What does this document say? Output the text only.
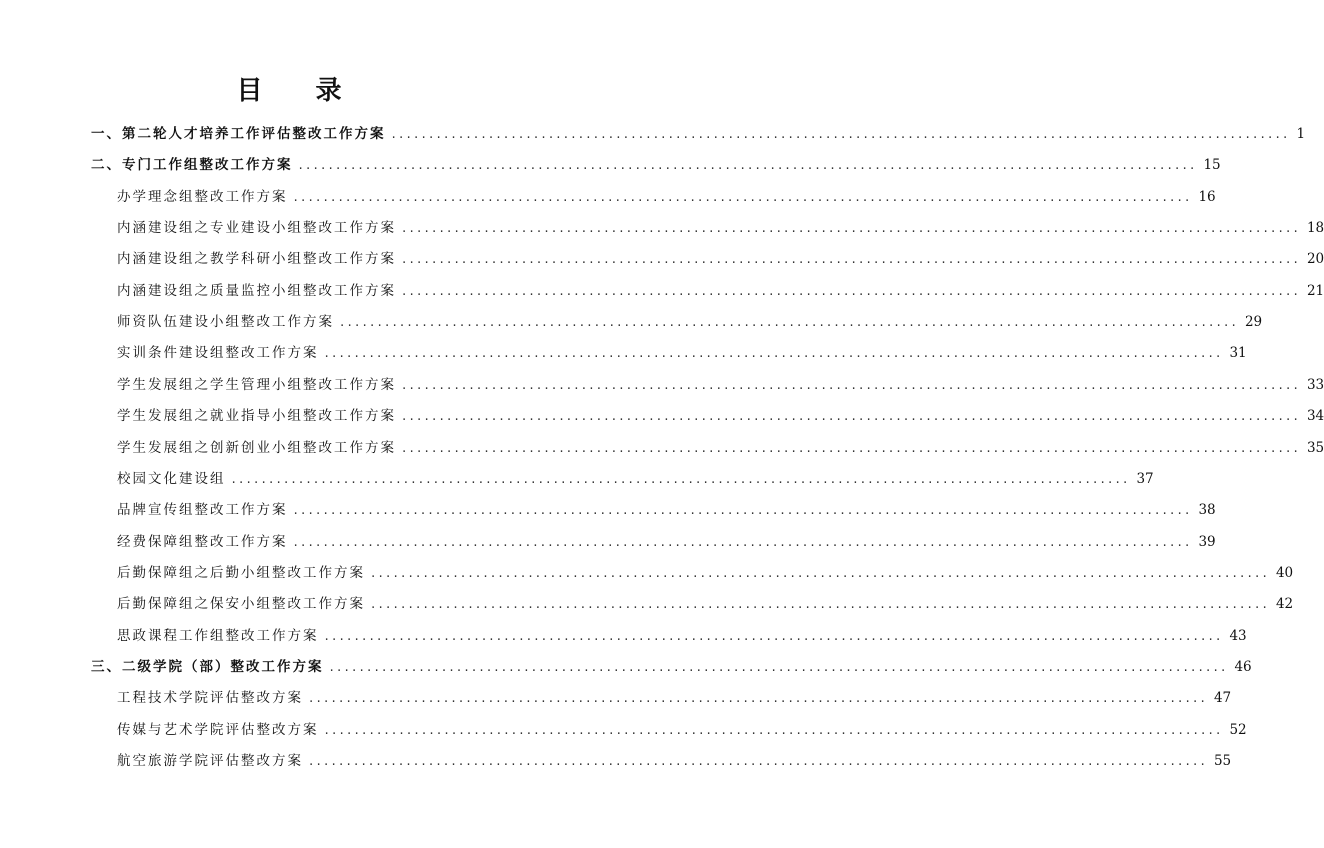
目 录
一、第二轮人才培养工作评估整改工作方案 ........................................................................................................................ 1
二、专门工作组整改工作方案 ........................................................................................................................ 15
办学理念组整改工作方案 ........................................................................................................................ 16
内涵建设组之专业建设小组整改工作方案 ........................................................................................................................ 18
内涵建设组之教学科研小组整改工作方案 ........................................................................................................................ 20
内涵建设组之质量监控小组整改工作方案 ........................................................................................................................ 21
师资队伍建设小组整改工作方案 ........................................................................................................................ 29
实训条件建设组整改工作方案 ........................................................................................................................ 31
学生发展组之学生管理小组整改工作方案 ........................................................................................................................ 33
学生发展组之就业指导小组整改工作方案 ........................................................................................................................ 34
学生发展组之创新创业小组整改工作方案 ........................................................................................................................ 35
校园文化建设组 ........................................................................................................................ 37
品牌宣传组整改工作方案 ........................................................................................................................ 38
经费保障组整改工作方案 ........................................................................................................................ 39
后勤保障组之后勤小组整改工作方案 ........................................................................................................................ 40
后勤保障组之保安小组整改工作方案 ........................................................................................................................ 42
思政课程工作组整改工作方案 ........................................................................................................................ 43
三、二级学院（部）整改工作方案 ........................................................................................................................ 46
工程技术学院评估整改方案 ........................................................................................................................ 47
传媒与艺术学院评估整改方案 ........................................................................................................................ 52
航空旅游学院评估整改方案 ........................................................................................................................ 55
